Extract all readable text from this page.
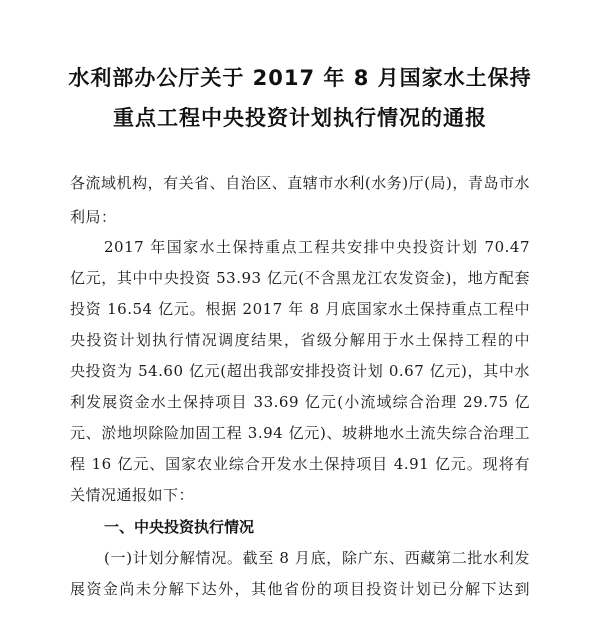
水利部办公厅关于 2017 年 8 月国家水土保持
重点工程中央投资计划执行情况的通报
各流域机构，有关省、自治区、直辖市水利(水务)厅(局)，青岛市水
利局：
2017 年国家水土保持重点工程共安排中央投资计划 70.47
亿元，其中中央投资 53.93 亿元(不含黑龙江农发资金)，地方配套
投资 16.54 亿元。根据 2017 年 8 月底国家水土保持重点工程中
央投资计划执行情况调度结果，省级分解用于水土保持工程的中
央投资为 54.60 亿元(超出我部安排投资计划 0.67 亿元)，其中水
利发展资金水土保持项目 33.69 亿元(小流域综合治理 29.75 亿
元、淤地坝除险加固工程 3.94 亿元)、坡耕地水土流失综合治理工
程 16 亿元、国家农业综合开发水土保持项目 4.91 亿元。现将有
关情况通报如下：
一、中央投资执行情况
(一)计划分解情况。截至 8 月底，除广东、西藏第二批水利发
展资金尚未分解下达外，其他省份的项目投资计划已分解下达到
